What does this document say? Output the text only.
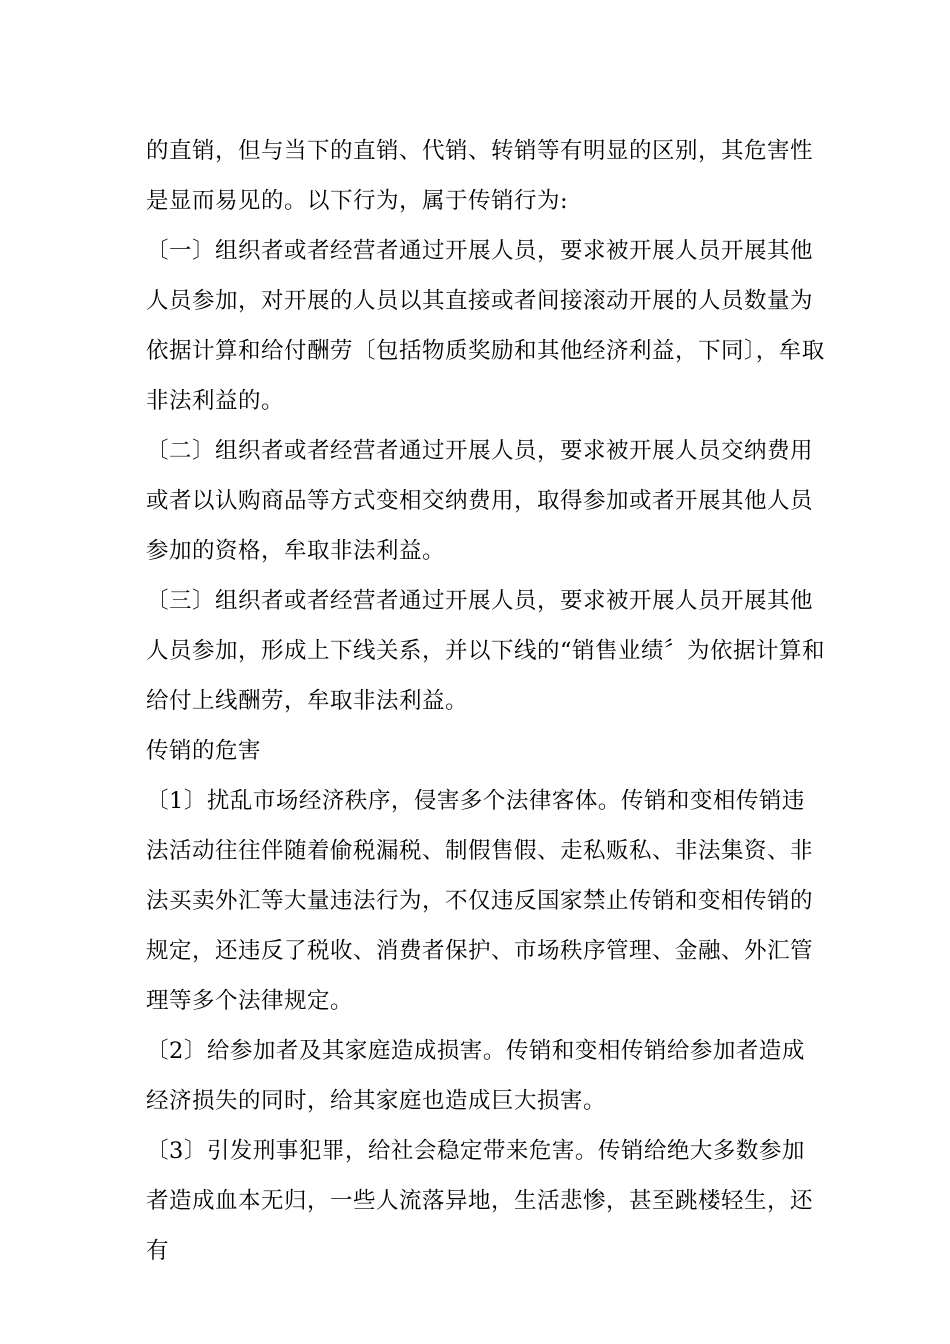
的直销，但与当下的直销、代销、转销等有明显的区别，其危害性是显而易见的。以下行为，属于传销行为:

〔一〕组织者或者经营者通过开展人员，要求被开展人员开展其他人员参加，对开展的人员以其直接或者间接滚动开展的人员数量为依据计算和给付酬劳〔包括物质奖励和其他经济利益，下同〕，牟取非法利益的。

〔二〕组织者或者经营者通过开展人员，要求被开展人员交纳费用或者以认购商品等方式变相交纳费用，取得参加或者开展其他人员参加的资格，牟取非法利益。

〔三〕组织者或者经营者通过开展人员，要求被开展人员开展其他人员参加，形成上下线关系，并以下线的“销售业绩〞为依据计算和给付上线酬劳，牟取非法利益。

传销的危害

〔1〕扰乱市场经济秩序，侵害多个法律客体。传销和变相传销违法活动往往伴随着偷税漏税、制假售假、走私贩私、非法集资、非法买卖外汇等大量违法行为，不仅违反国家禁止传销和变相传销的规定，还违反了税收、消费者保护、市场秩序管理、金融、外汇管理等多个法律规定。

〔2〕给参加者及其家庭造成损害。传销和变相传销给参加者造成经济损失的同时，给其家庭也造成巨大损害。

〔3〕引发刑事犯罪，给社会稳定带来危害。传销给绝大多数参加者造成血本无归，一些人流落异地，生活悲惨，甚至跳楼轻生，还有
